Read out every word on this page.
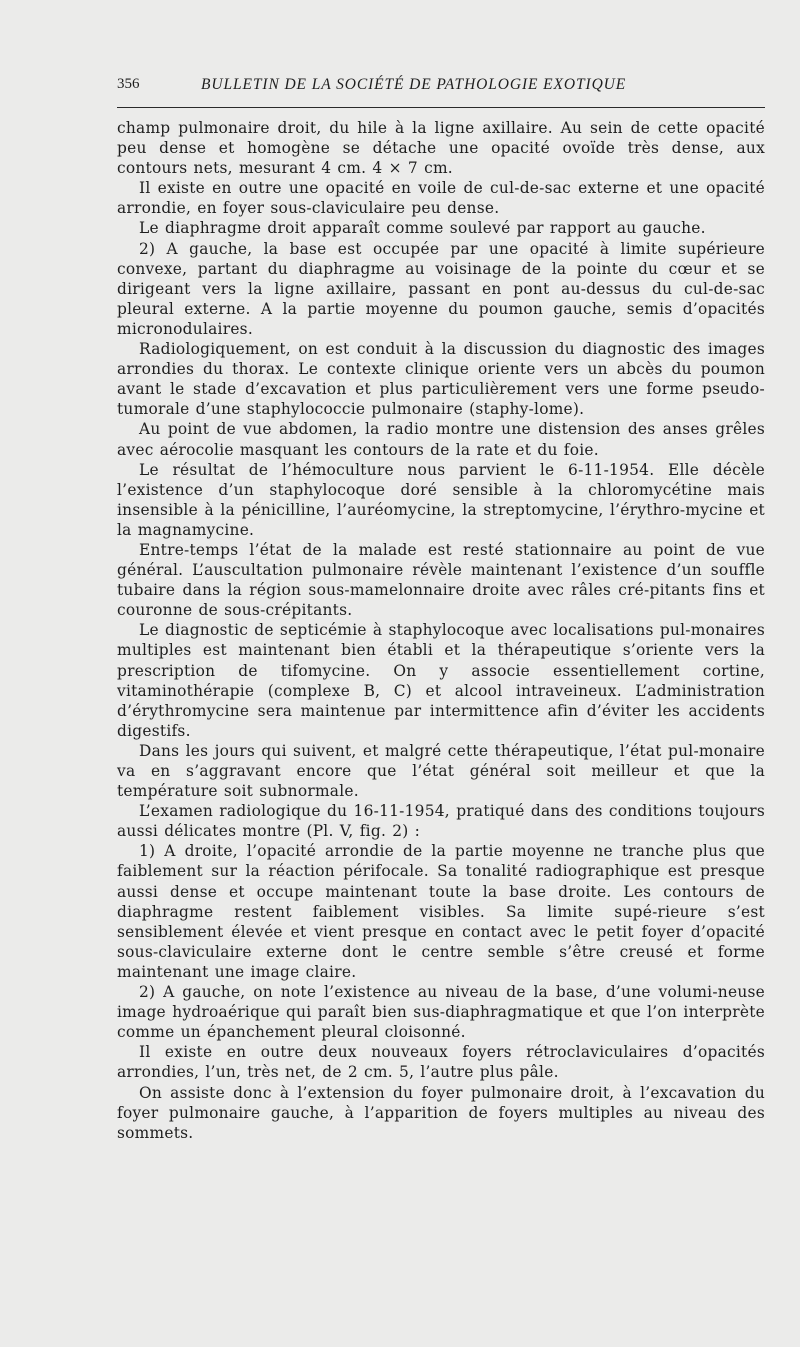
356	BULLETIN DE LA SOCIÉTÉ DE PATHOLOGIE EXOTIQUE

champ pulmonaire droit, du hile à la ligne axillaire. Au sein de cette opacité peu dense et homogène se détache une opacité ovoïde très dense, aux contours nets, mesurant 4 cm. 4 × 7 cm.

Il existe en outre une opacité en voile de cul-de-sac externe et une opacité arrondie, en foyer sous-claviculaire peu dense.

Le diaphragme droit apparaît comme soulevé par rapport au gauche.

2) A gauche, la base est occupée par une opacité à limite supérieure convexe, partant du diaphragme au voisinage de la pointe du cœur et se dirigeant vers la ligne axillaire, passant en pont au-dessus du cul-de-sac pleural externe. A la partie moyenne du poumon gauche, semis d’opacités micronodulaires.

Radiologiquement, on est conduit à la discussion du diagnostic des images arrondies du thorax. Le contexte clinique oriente vers un abcès du poumon avant le stade d’excavation et plus particulièrement vers une forme pseudo-tumorale d’une staphylococcie pulmonaire (staphy-lome).

Au point de vue abdomen, la radio montre une distension des anses grêles avec aérocolie masquant les contours de la rate et du foie.

Le résultat de l’hémoculture nous parvient le 6-11-1954. Elle décèle l’existence d’un staphylocoque doré sensible à la chloromycétine mais insensible à la pénicilline, l’auréomycine, la streptomycine, l’érythro-mycine et la magnamycine.

Entre-temps l’état de la malade est resté stationnaire au point de vue général. L’auscultation pulmonaire révèle maintenant l’existence d’un souffle tubaire dans la région sous-mamelonnaire droite avec râles cré-pitants fins et couronne de sous-crépitants.

Le diagnostic de septicémie à staphylocoque avec localisations pul-monaires multiples est maintenant bien établi et la thérapeutique s’oriente vers la prescription de tifomycine. On y associe essentiellement cortine, vitaminothérapie (complexe B, C) et alcool intraveineux. L’administration d’érythromycine sera maintenue par intermittence afin d’éviter les accidents digestifs.

Dans les jours qui suivent, et malgré cette thérapeutique, l’état pul-monaire va en s’aggravant encore que l’état général soit meilleur et que la température soit subnormale.

L’examen radiologique du 16-11-1954, pratiqué dans des conditions toujours aussi délicates montre (Pl. V, fig. 2) :

1) A droite, l’opacité arrondie de la partie moyenne ne tranche plus que faiblement sur la réaction périfocale. Sa tonalité radiographique est presque aussi dense et occupe maintenant toute la base droite. Les contours de diaphragme restent faiblement visibles. Sa limite supé-rieure s’est sensiblement élevée et vient presque en contact avec le petit foyer d’opacité sous-claviculaire externe dont le centre semble s’être creusé et forme maintenant une image claire.

2) A gauche, on note l’existence au niveau de la base, d’une volumi-neuse image hydroaérique qui paraît bien sus-diaphragmatique et que l’on interprète comme un épanchement pleural cloisonné.

Il existe en outre deux nouveaux foyers rétroclaviculaires d’opacités arrondies, l’un, très net, de 2 cm. 5, l’autre plus pâle.

On assiste donc à l’extension du foyer pulmonaire droit, à l’excavation du foyer pulmonaire gauche, à l’apparition de foyers multiples au niveau des sommets.
